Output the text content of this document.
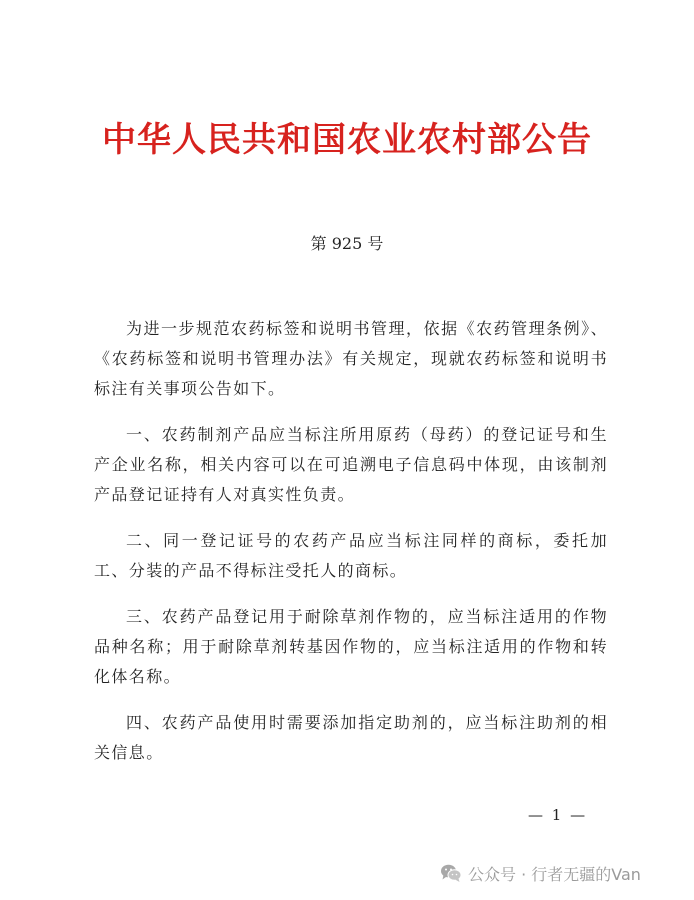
中华人民共和国农业农村部公告
第 925 号

为进一步规范农药标签和说明书管理，依据《农药管理条例》、《农药标签和说明书管理办法》有关规定，现就农药标签和说明书标注有关事项公告如下。

一、农药制剂产品应当标注所用原药（母药）的登记证号和生产企业名称，相关内容可以在可追溯电子信息码中体现，由该制剂产品登记证持有人对真实性负责。

二、同一登记证号的农药产品应当标注同样的商标，委托加工、分装的产品不得标注受托人的商标。

三、农药产品登记用于耐除草剂作物的，应当标注适用的作物品种名称；用于耐除草剂转基因作物的，应当标注适用的作物和转化体名称。

四、农药产品使用时需要添加指定助剂的，应当标注助剂的相关信息。

— 1 —
公众号 · 行者无疆的Van
